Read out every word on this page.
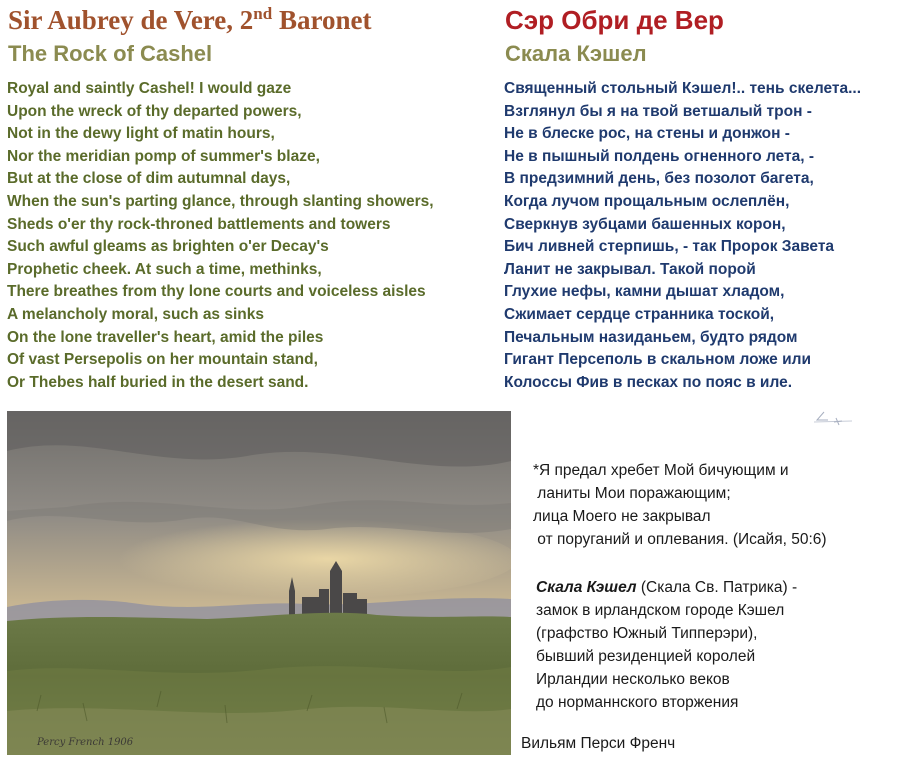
Sir Aubrey de Vere, 2nd Baronet
The Rock of Cashel
Сэр Обри де Вер
Скала Кэшел
Royal and saintly Cashel! I would gaze
Upon the wreck of thy departed powers,
Not in the dewy light of matin hours,
Nor the meridian pomp of summer's blaze,
But at the close of dim autumnal days,
When the sun's parting glance, through slanting showers,
Sheds o'er thy rock-throned battlements and towers
Such awful gleams as brighten o'er Decay's
Prophetic cheek. At such a time, methinks,
There breathes from thy lone courts and voiceless aisles
A melancholy moral, such as sinks
On the lone traveller's heart, amid the piles
Of vast Persepolis on her mountain stand,
Or Thebes half buried in the desert sand.
Священный стольный Кэшел!.. тень скелета...
Взглянул бы я на твой ветшалый трон -
Не в блеске рос, на стены и донжон -
Не в пышный полдень огненного лета, -
В предзимний день, без позолот багета,
Когда лучом прощальным ослеплён,
Сверкнув зубцами башенных корон,
Бич ливней стерпишь, - так Пророк Завета
Ланит не закрывал. Такой порой
Глухие нефы, камни дышат хладом,
Сжимает сердце странника тоской,
Печальным назиданьем, будто рядом
Гигант Персеполь в скальном ложе или
Колоссы Фив в песках по пояс в иле.
Percy French 1906

*Я предал хребет Мой бичующим и

ланиты Мои поражающим;

лица Моего не закрывал

от поруганий и оплевания. (Исайя, 50:6)

Скала Кэшел (Скала Св. Патрика) -

замок в ирландском городе Кэшел

(графство Южный Типперэри),

бывший резиденцией королей

Ирландии несколько веков

до норманнского вторжения

Вильям Перси Френч
